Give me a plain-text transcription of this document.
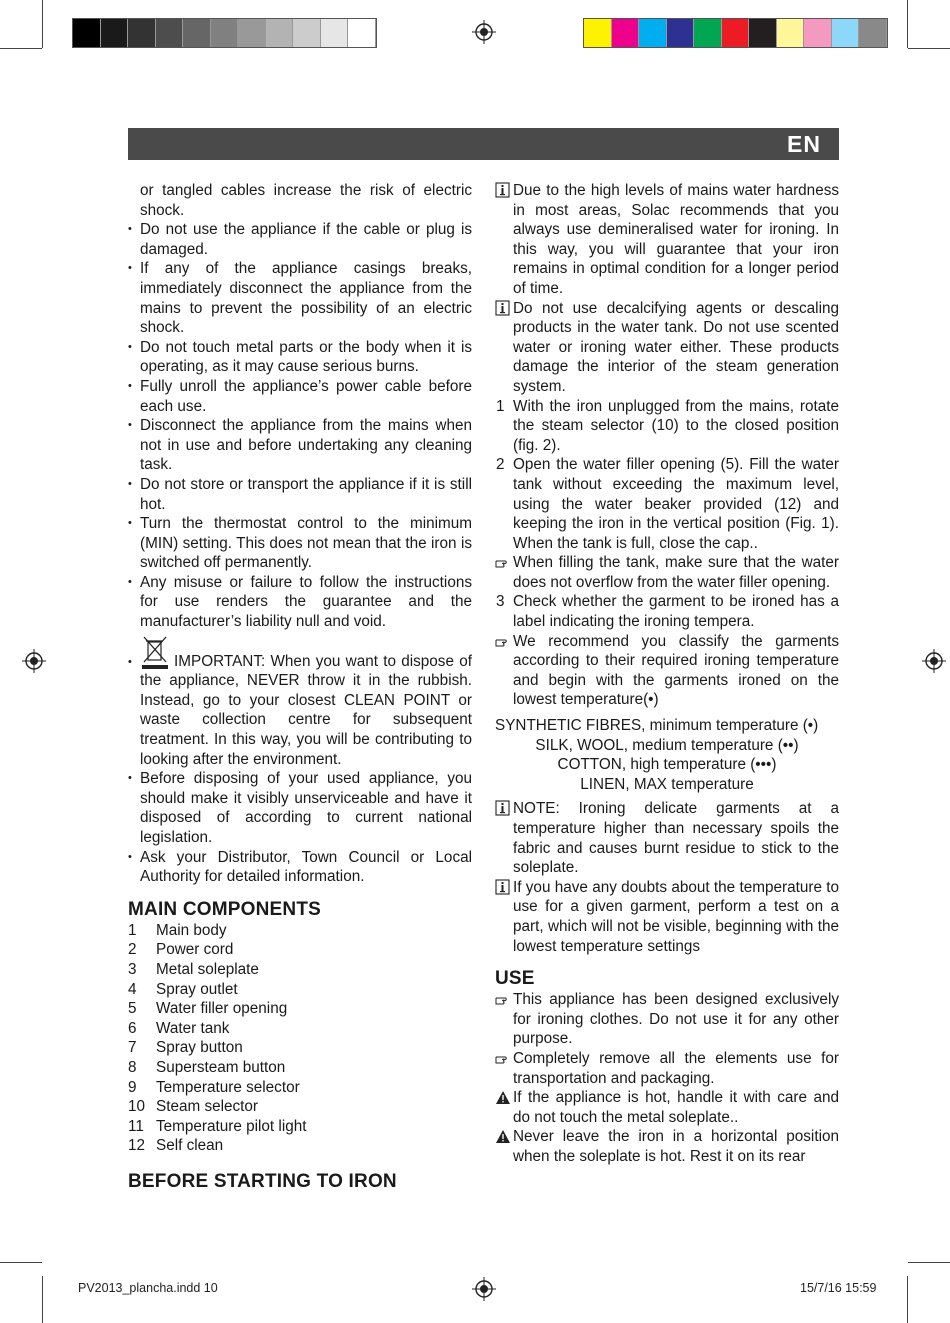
EN
or tangled cables increase the risk of electric shock.
• Do not use the appliance if the cable or plug is damaged.
• If any of the appliance casings breaks, immediately disconnect the appliance from the mains to prevent the possibility of an electric shock.
• Do not touch metal parts or the body when it is operating, as it may cause serious burns.
• Fully unroll the appliance’s power cable before each use.
• Disconnect the appliance from the mains when not in use and before undertaking any cleaning task.
• Do not store or transport the appliance if it is still hot.
• Turn the thermostat control to the minimum (MIN) setting. This does not mean that the iron is switched off permanently.
• Any misuse or failure to follow the instructions for use renders the guarantee and the manufacturer’s liability null and void.
•	IMPORTANT: When you want to dispose of the appliance, NEVER throw it in the rubbish. Instead, go to your closest CLEAN POINT or waste collection centre for subsequent treatment. In this way, you will be contributing to looking after the environment.
• Before disposing of your used appliance, you should make it visibly unserviceable and have it disposed of according to current national legislation.
• Ask your Distributor, Town Council or Local Authority for detailed information.
MAIN COMPONENTS
1	Main body
2	Power cord
3	Metal soleplate
4	Spray outlet
5	Water filler opening
6	Water tank
7	Spray button
8	Supersteam button
9	Temperature selector
10 Steam selector
11 Temperature pilot light
12 Self clean
BEFORE STARTING TO IRON
Due to the high levels of mains water hardness in most areas, Solac recommends that you always use demineralised water for ironing. In this way, you will guarantee that your iron remains in optimal condition for a longer period of time.
Do not use decalcifying agents or descaling products in the water tank. Do not use scented water or ironing water either. These products damage the interior of the steam generation system.
1 With the iron unplugged from the mains, rotate the steam selector (10) to the closed position (fig. 2).
2 Open the water filler opening (5). Fill the water tank without exceeding the maximum level, using the water beaker provided (12) and keeping the iron in the vertical position (Fig. 1). When the tank is full, close the cap..
When filling the tank, make sure that the water does not overflow from the water filler opening.
3 Check whether the garment to be ironed has a label indicating the ironing tempera.
We recommend you classify the garments according to their required ironing temperature and begin with the garments ironed on the lowest temperature(•)
SYNTHETIC FIBRES, minimum temperature (•)
SILK, WOOL, medium temperature (••)
COTTON, high temperature (•••)
LINEN, MAX temperature
NOTE: Ironing delicate garments at a temperature higher than necessary spoils the fabric and causes burnt residue to stick to the soleplate.
If you have any doubts about the temperature to use for a given garment, perform a test on a part, which will not be visible, beginning with the lowest temperature settings
USE
This appliance has been designed exclusively for ironing clothes. Do not use it for any other purpose.
Completely remove all the elements use for transportation and packaging.
If the appliance is hot, handle it with care and do not touch the metal soleplate..
Never leave the iron in a horizontal position when the soleplate is hot. Rest it on its rear
PV2013_plancha.indd 10	15/7/16 15:59
